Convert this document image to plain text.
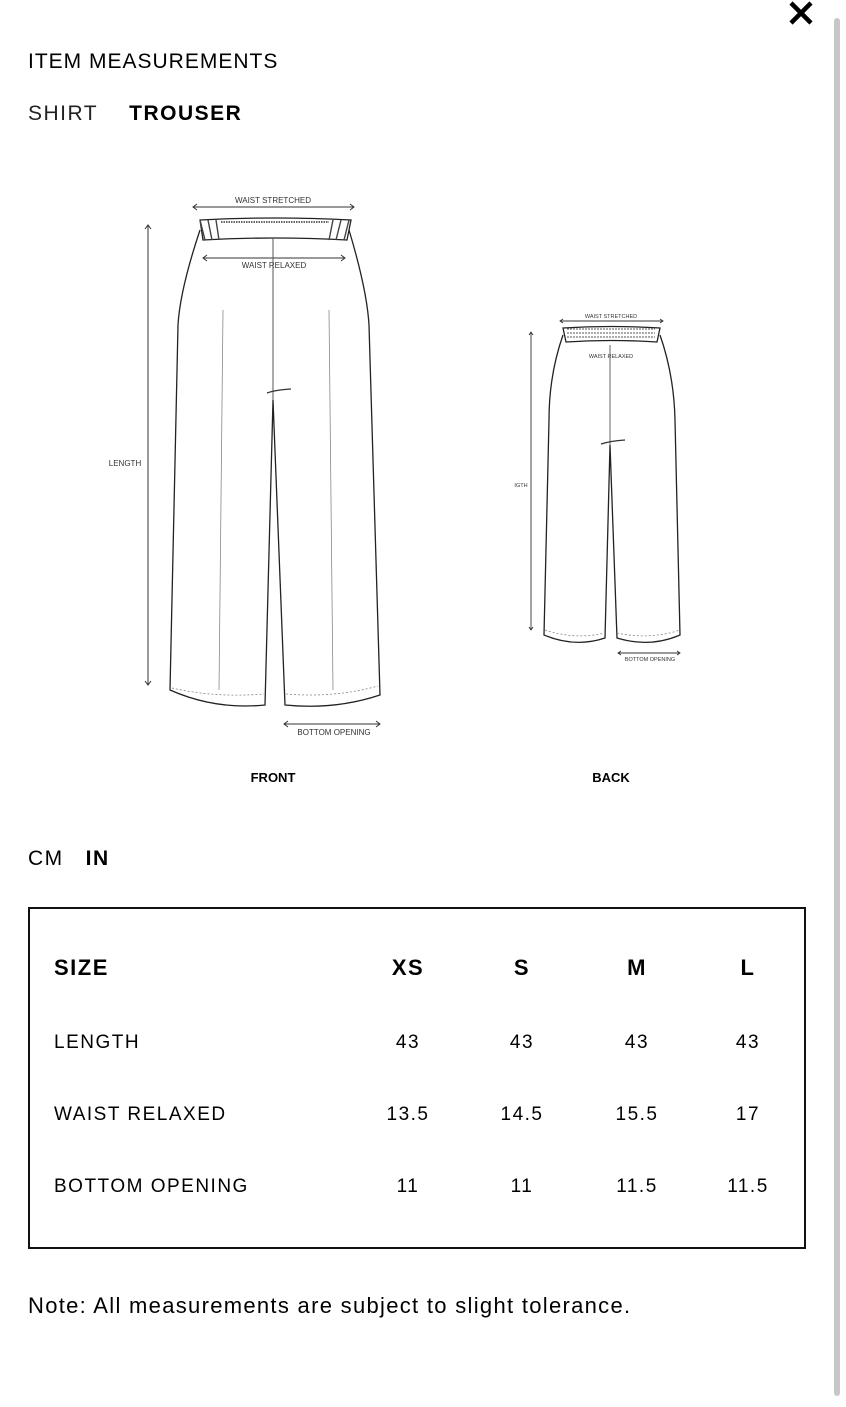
ITEM MEASUREMENTS
SHIRT TROUSER
WAIST STRETCHED
WAIST RELAXED
LENGTH
BOTTOM OPENING
FRONT
WAIST STRETCHED
WAIST RELAXED
IGTH
BOTTOM OPENING
BACK
CM IN
SIZE	XS	S	M	L
LENGTH	43	43	43	43
WAIST RELAXED	13.5	14.5	15.5	17
BOTTOM OPENING	11	11	11.5	11.5
Note: All measurements are subject to slight tolerance.
